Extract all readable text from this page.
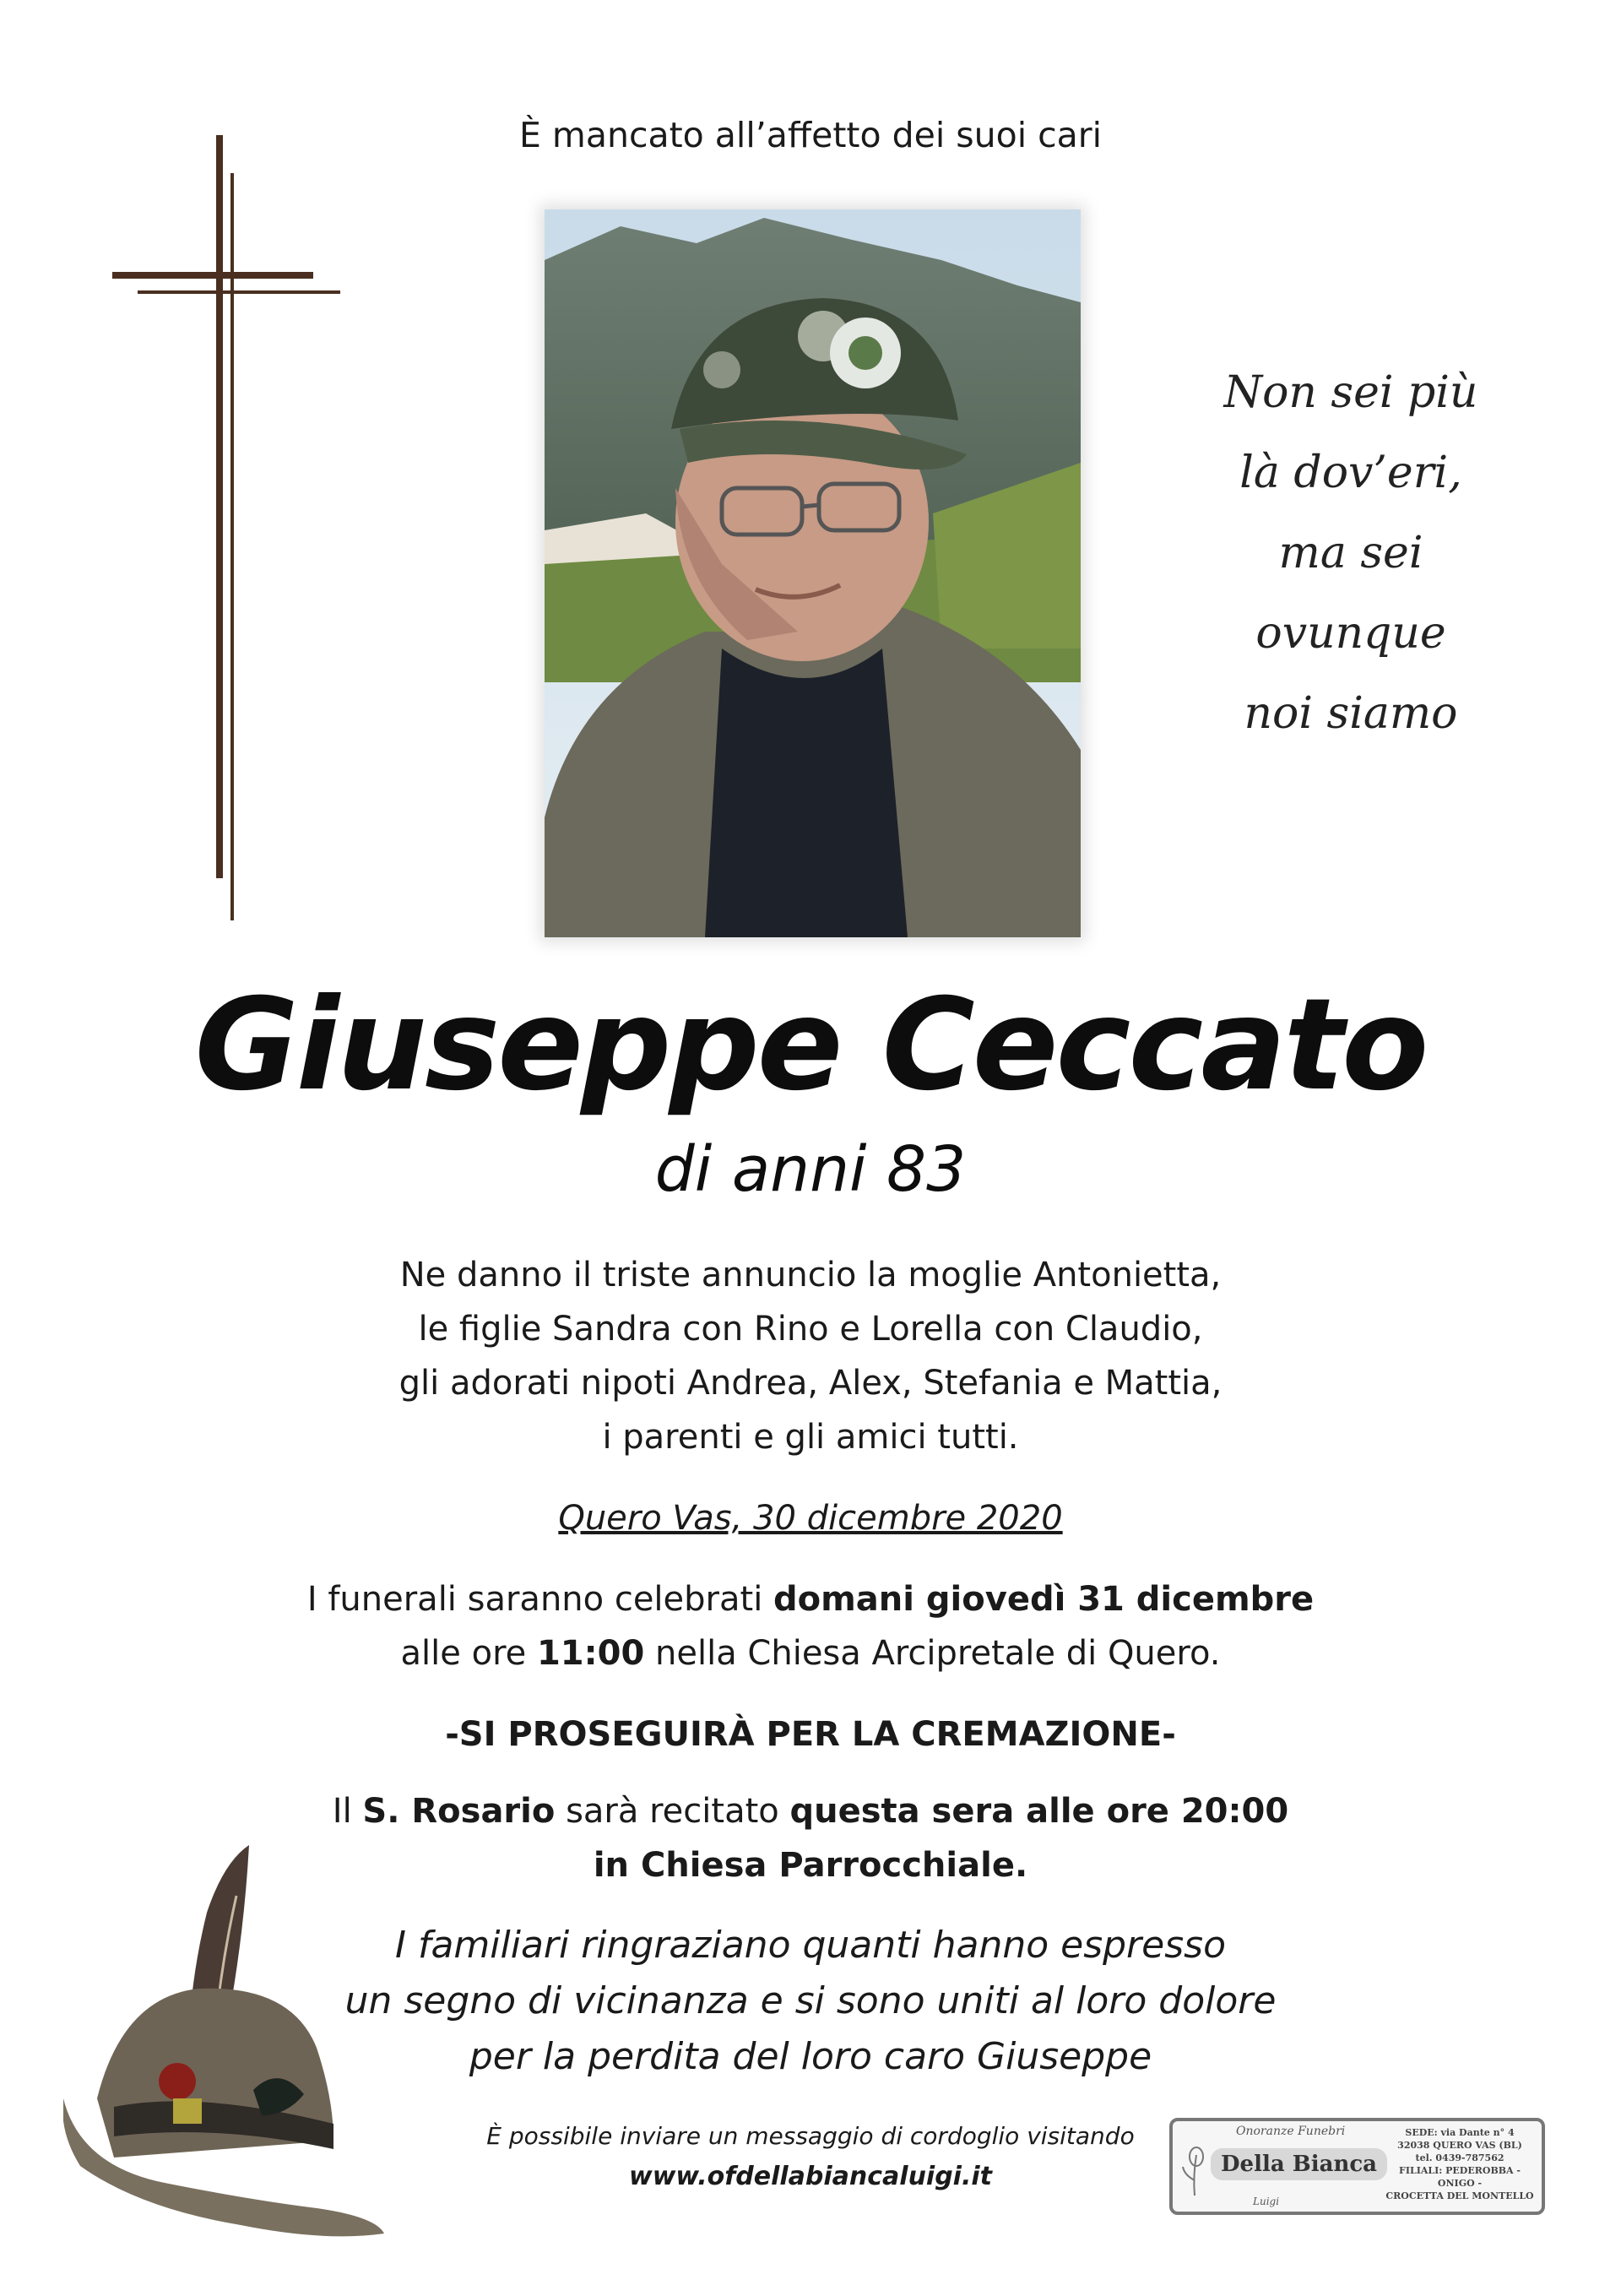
È mancato all’affetto dei suoi cari
Non sei più
là dov’eri,
ma sei
ovunque
noi siamo
Giuseppe Ceccato
di anni 83
Ne danno il triste annuncio la moglie Antonietta,
le figlie Sandra con Rino e Lorella con Claudio,
gli adorati nipoti Andrea, Alex, Stefania e Mattia,
i parenti e gli amici tutti.
Quero Vas, 30 dicembre 2020
I funerali saranno celebrati domani giovedì 31 dicembre
alle ore 11:00 nella Chiesa Arcipretale di Quero.
-SI PROSEGUIRÀ PER LA CREMAZIONE-
Il S. Rosario sarà recitato questa sera alle ore 20:00
in Chiesa Parrocchiale.
I familiari ringraziano quanti hanno espresso
un segno di vicinanza e si sono uniti al loro dolore
per la perdita del loro caro Giuseppe
È possibile inviare un messaggio di cordoglio visitando
www.ofdellabiancaluigi.it
Onoranze Funebri
Della Bianca
Luigi
SEDE: via Dante n° 4
32038 QUERO VAS (BL)
tel. 0439-787562
FILIALI: PEDEROBBA - ONIGO -
CROCETTA DEL MONTELLO
